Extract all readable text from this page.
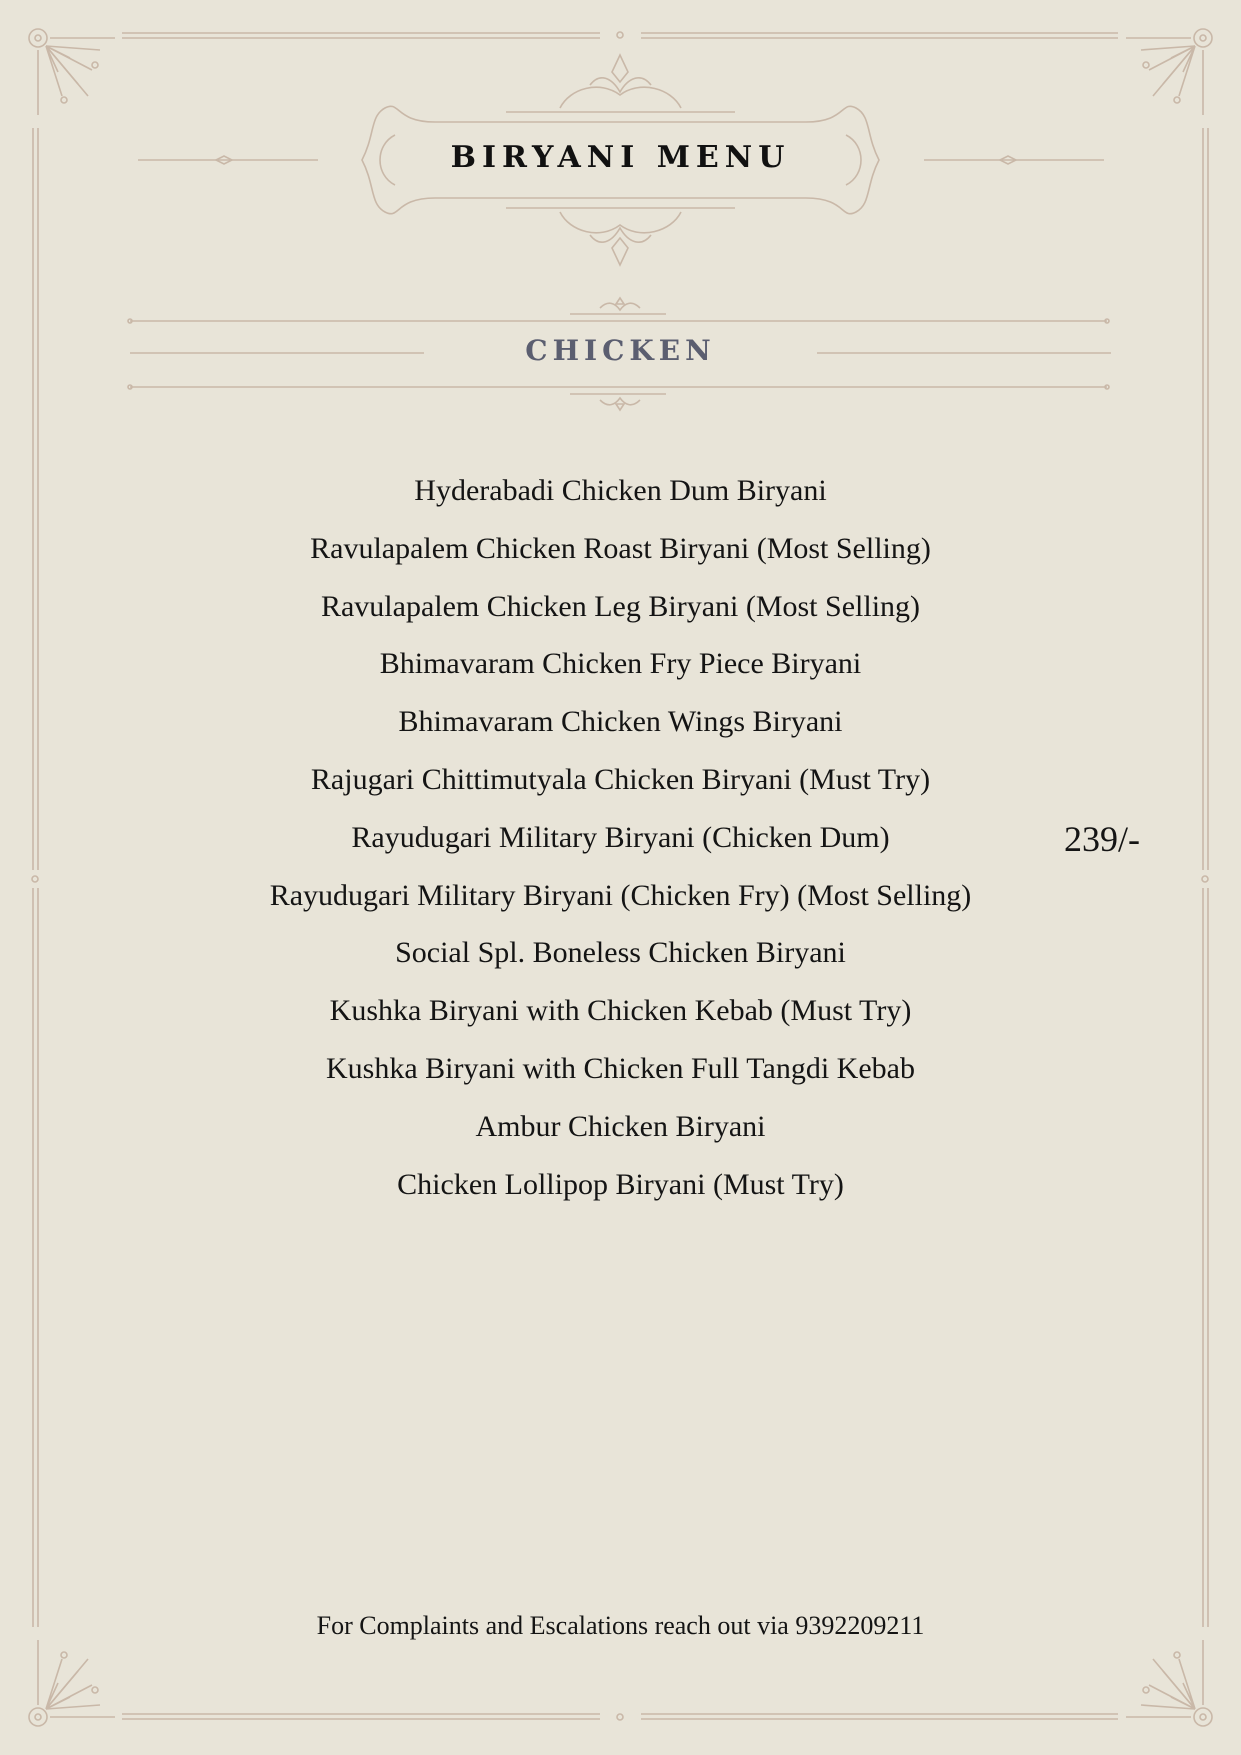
BIRYANI MENU
CHICKEN
Hyderabadi Chicken Dum Biryani
Ravulapalem Chicken Roast Biryani (Most Selling)
Ravulapalem Chicken Leg Biryani (Most Selling)
Bhimavaram Chicken Fry Piece Biryani
Bhimavaram Chicken Wings Biryani
Rajugari Chittimutyala Chicken Biryani (Must Try)
Rayudugari Military Biryani (Chicken Dum)
Rayudugari Military Biryani (Chicken Fry) (Most Selling)
Social Spl. Boneless Chicken Biryani
Kushka Biryani with Chicken Kebab (Must Try)
Kushka Biryani with Chicken Full Tangdi Kebab
Ambur Chicken Biryani
Chicken Lollipop Biryani (Must Try)
239/-
For Complaints and Escalations reach out via 9392209211
